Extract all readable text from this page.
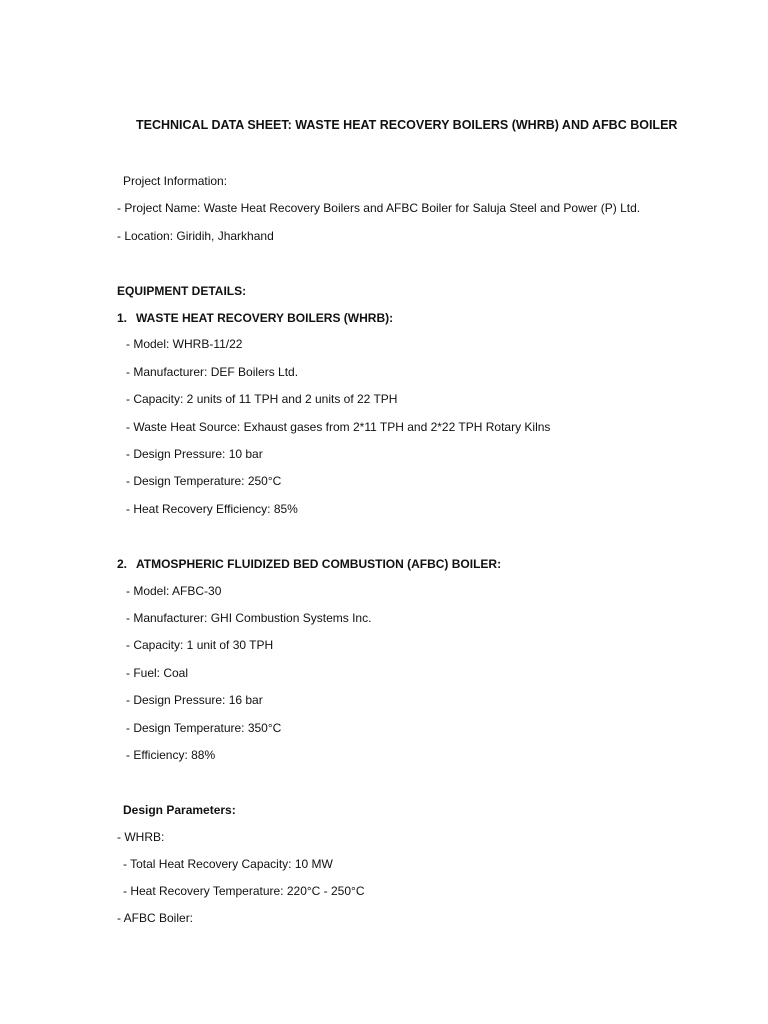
TECHNICAL DATA SHEET: WASTE HEAT RECOVERY BOILERS (WHRB) AND AFBC BOILER
Project Information:
- Project Name: Waste Heat Recovery Boilers and AFBC Boiler for Saluja Steel and Power (P) Ltd.
- Location: Giridih, Jharkhand
EQUIPMENT DETAILS:
1. WASTE HEAT RECOVERY BOILERS (WHRB):
- Model: WHRB-11/22
- Manufacturer: DEF Boilers Ltd.
- Capacity: 2 units of 11 TPH and 2 units of 22 TPH
- Waste Heat Source: Exhaust gases from 2*11 TPH and 2*22 TPH Rotary Kilns
- Design Pressure: 10 bar
- Design Temperature: 250°C
- Heat Recovery Efficiency: 85%
2. ATMOSPHERIC FLUIDIZED BED COMBUSTION (AFBC) BOILER:
- Model: AFBC-30
- Manufacturer: GHI Combustion Systems Inc.
- Capacity: 1 unit of 30 TPH
- Fuel: Coal
- Design Pressure: 16 bar
- Design Temperature: 350°C
- Efficiency: 88%
Design Parameters:
- WHRB:
- Total Heat Recovery Capacity: 10 MW
- Heat Recovery Temperature: 220°C - 250°C
- AFBC Boiler:
